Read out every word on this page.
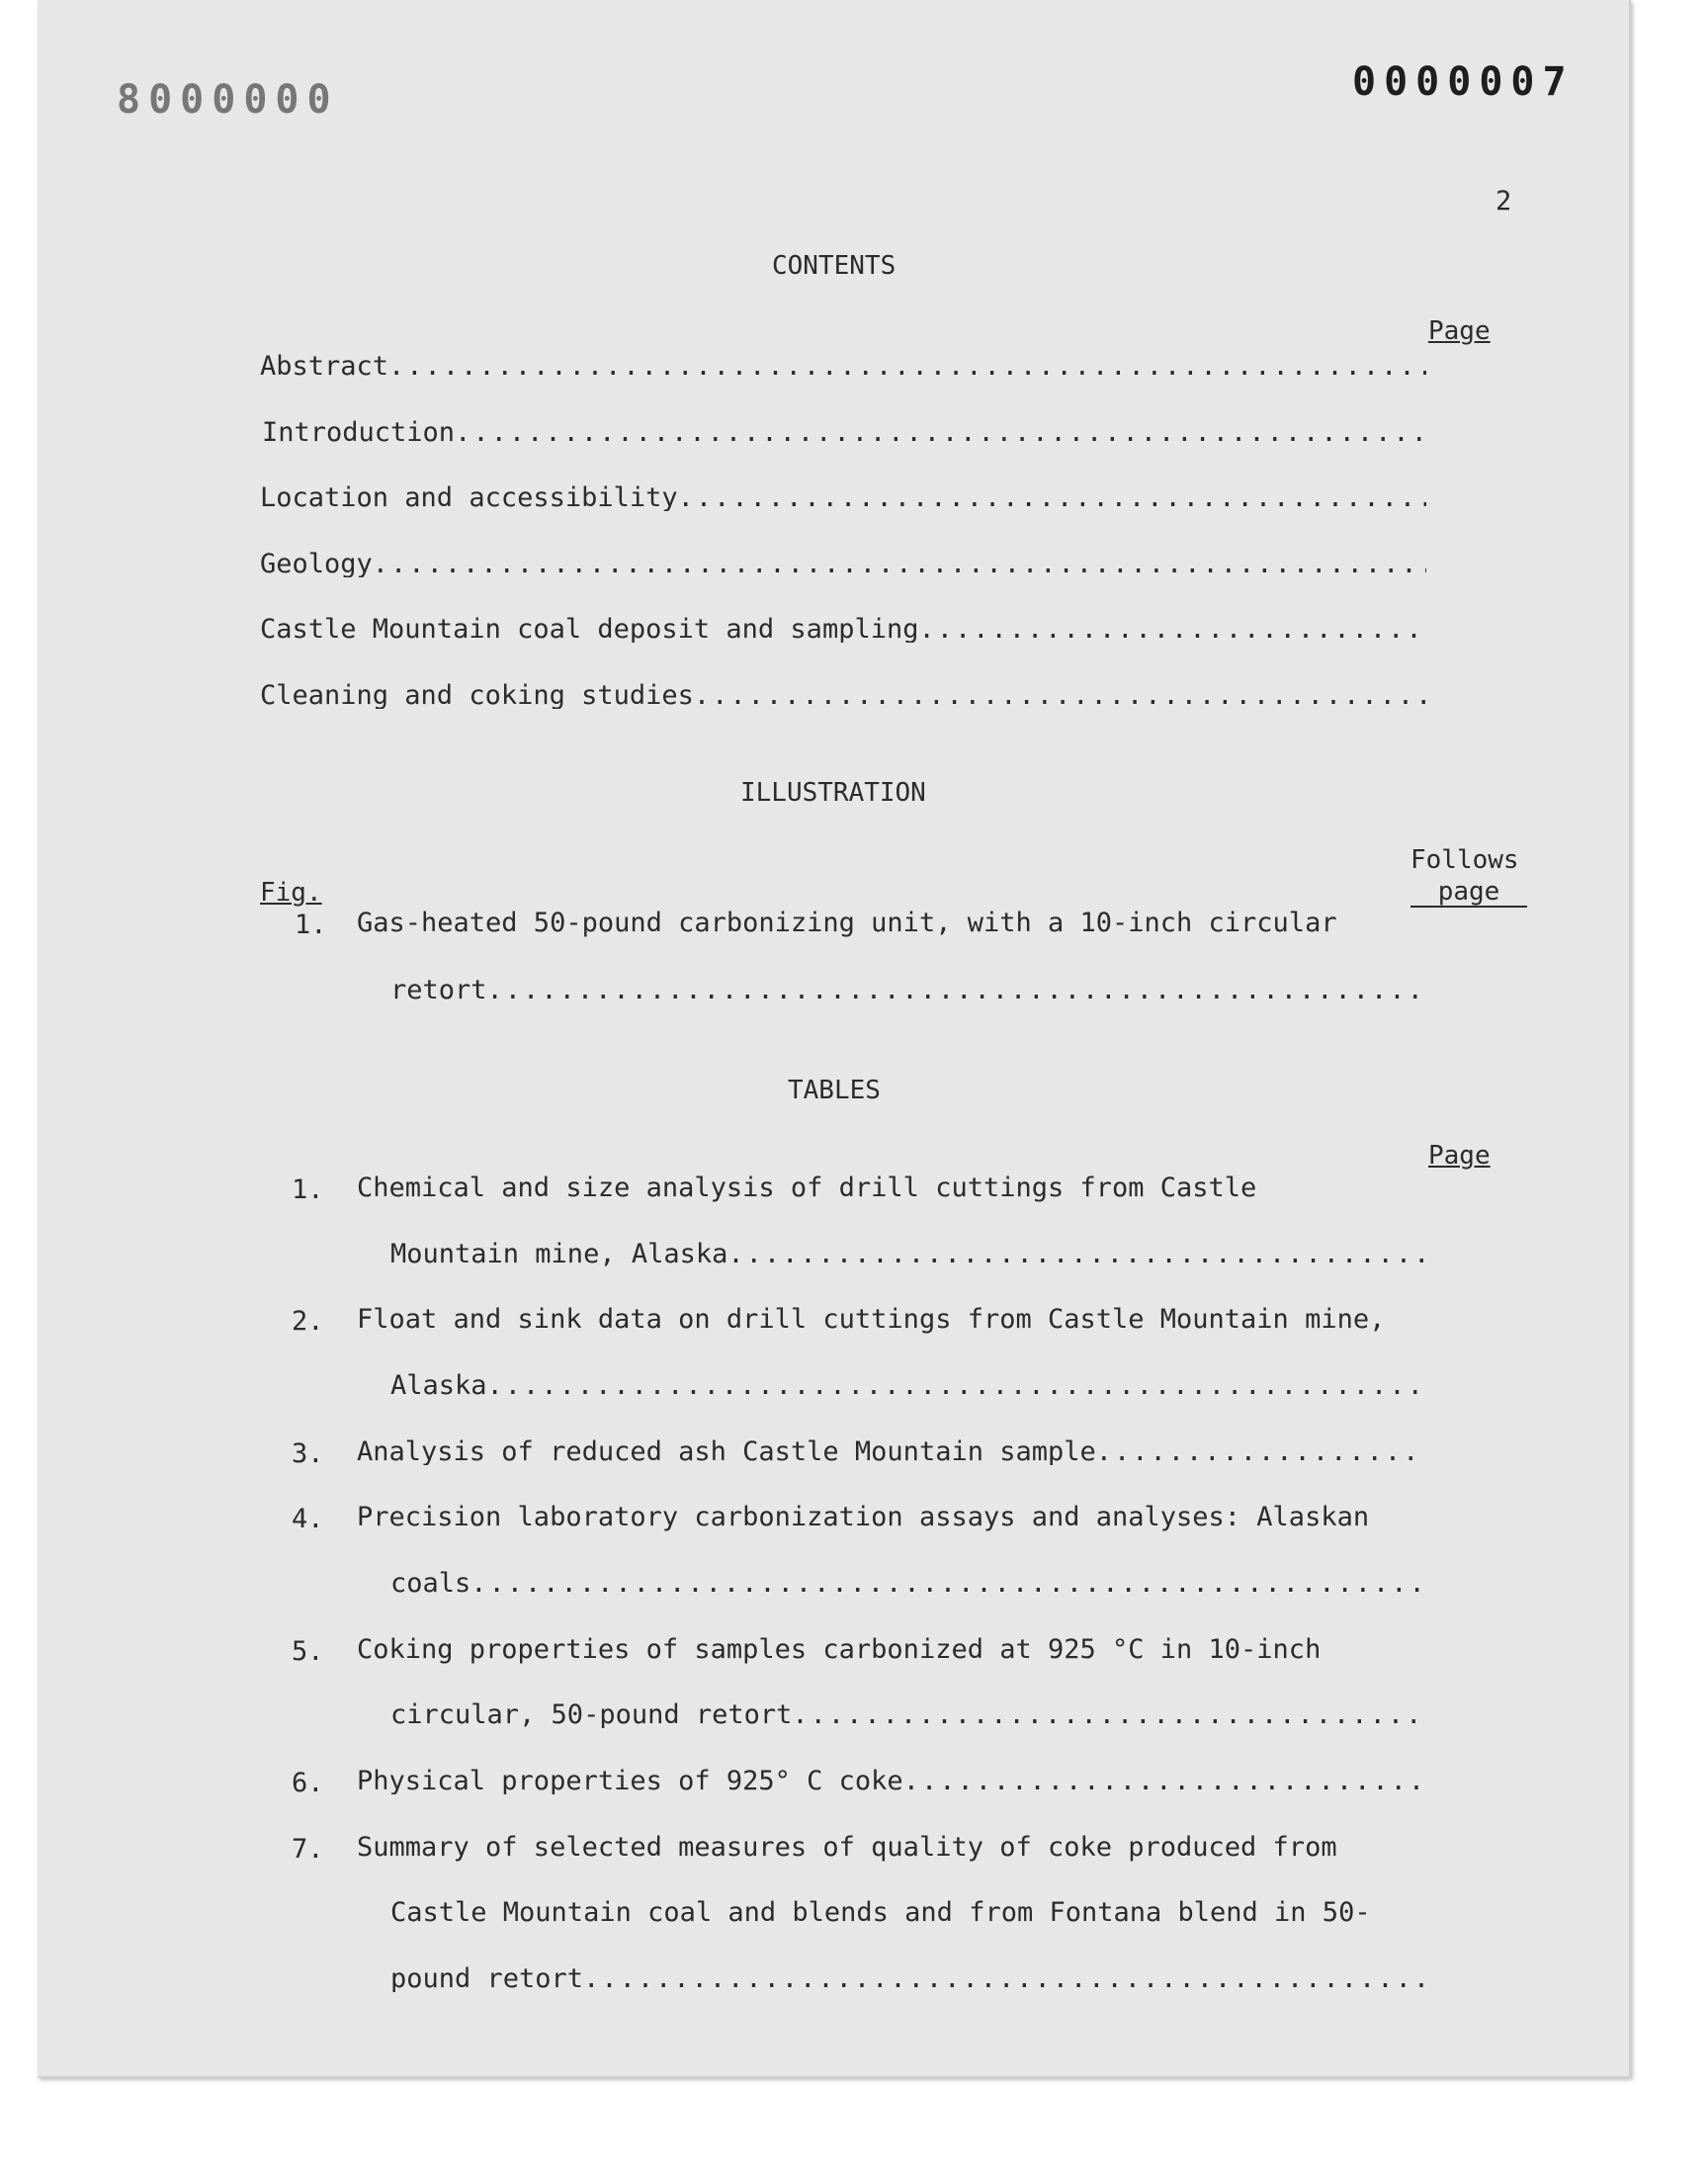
8000000	0000007
2
CONTENTS
Page
Abstract
.....
Introduction
.....
Location and accessibility
.....
Geology
.....
Castle Mountain coal deposit and sampling
.....
Cleaning and coking studies
.....
ILLUSTRATION
Follows
page
Fig.
1. Gas-heated 50-pound carbonizing unit, with a 10-inch circular
retort
.....
TABLES
Page
1. Chemical and size analysis of drill cuttings from Castle
Mountain mine, Alaska
.....
2. Float and sink data on drill cuttings from Castle Mountain mine,
Alaska
.....
3. Analysis of reduced ash Castle Mountain sample
.....
4. Precision laboratory carbonization assays and analyses: Alaskan
coals
.....
5. Coking properties of samples carbonized at 925 °C in 10-inch
circular, 50-pound retort
.....
6. Physical properties of 925° C coke
.....
7. Summary of selected measures of quality of coke produced from
Castle Mountain coal and blends and from Fontana blend in 50-
pound retort
.....
